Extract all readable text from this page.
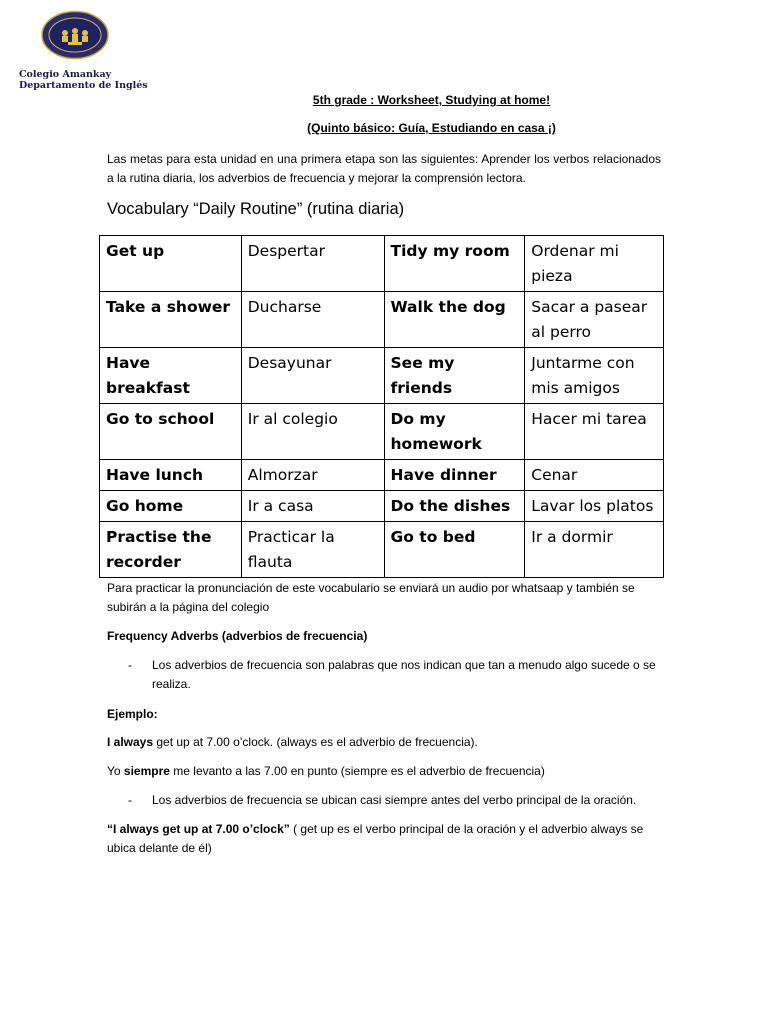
Colegio Amankay
Departamento de Inglés
5th grade : Worksheet, Studying at home!
(Quinto básico: Guía, Estudiando en casa ¡)
Las metas para esta unidad en una primera etapa son las siguientes: Aprender los verbos relacionados a la rutina diaria, los adverbios de frecuencia y mejorar la comprensión lectora.
Vocabulary “Daily Routine” (rutina diaria)
Get up	Despertar	Tidy my room	Ordenar mi pieza
Take a shower	Ducharse	Walk the dog	Sacar a pasear al perro
Have breakfast	Desayunar	See my friends	Juntarme con mis amigos
Go to school	Ir al colegio	Do my homework	Hacer mi tarea
Have lunch	Almorzar	Have dinner	Cenar
Go home	Ir a casa	Do the dishes	Lavar los platos
Practise the recorder	Practicar la flauta	Go to bed	Ir a dormir
Para practicar la pronunciación de este vocabulario se enviará un audio por whatsaap y también se subirán a la página del colegio
Frequency Adverbs (adverbios de frecuencia)
- Los adverbios de frecuencia son palabras que nos indican que tan a menudo algo sucede o se realiza.
Ejemplo:
I always get up at 7.00 o’clock. (always es el adverbio de frecuencia).
Yo siempre me levanto a las 7.00 en punto (siempre es el adverbio de frecuencia)
- Los adverbios de frecuencia se ubican casi siempre antes del verbo principal de la oración.
“I always get up at 7.00 o’clock” ( get up es el verbo principal de la oración y el adverbio always se ubica delante de él)
